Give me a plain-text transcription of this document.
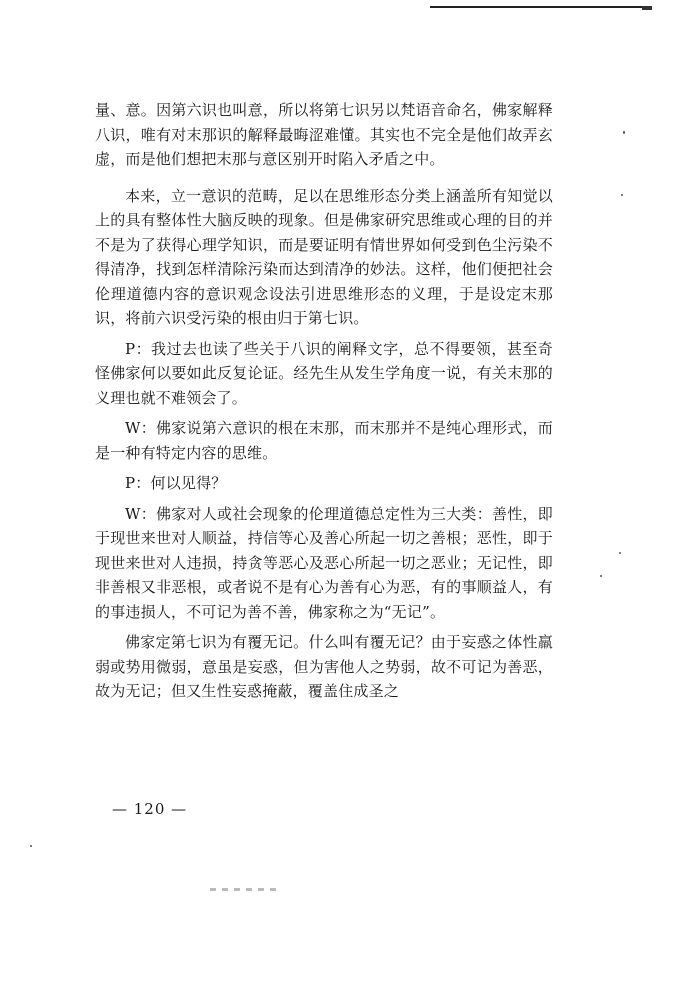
量、意。因第六识也叫意，所以将第七识另以梵语音命名，佛家解释八识，唯有对末那识的解释最晦涩难懂。其实也不完全是他们故弄玄虚，而是他们想把末那与意区别开时陷入矛盾之中。

本来，立一意识的范畴，足以在思维形态分类上涵盖所有知觉以上的具有整体性大脑反映的现象。但是佛家研究思维或心理的目的并不是为了获得心理学知识，而是要证明有情世界如何受到色尘污染不得清净，找到怎样清除污染而达到清净的妙法。这样，他们便把社会伦理道德内容的意识观念设法引进思维形态的义理，于是设定末那识，将前六识受污染的根由归于第七识。

P：我过去也读了些关于八识的阐释文字，总不得要领，甚至奇怪佛家何以要如此反复论证。经先生从发生学角度一说，有关末那的义理也就不难领会了。

W：佛家说第六意识的根在末那，而末那并不是纯心理形式，而是一种有特定内容的思维。

P：何以见得？

W：佛家对人或社会现象的伦理道德总定性为三大类：善性，即于现世来世对人顺益，持信等心及善心所起一切之善根；恶性，即于现世来世对人违损，持贪等恶心及恶心所起一切之恶业；无记性，即非善根又非恶根，或者说不是有心为善有心为恶，有的事顺益人，有的事违损人，不可记为善不善，佛家称之为“无记”。

佛家定第七识为有覆无记。什么叫有覆无记？由于妄惑之体性羸弱或势用微弱，意虽是妄惑，但为害他人之势弱，故不可记为善恶，故为无记；但又生性妄惑掩蔽，覆盖住成圣之

— 120 —
